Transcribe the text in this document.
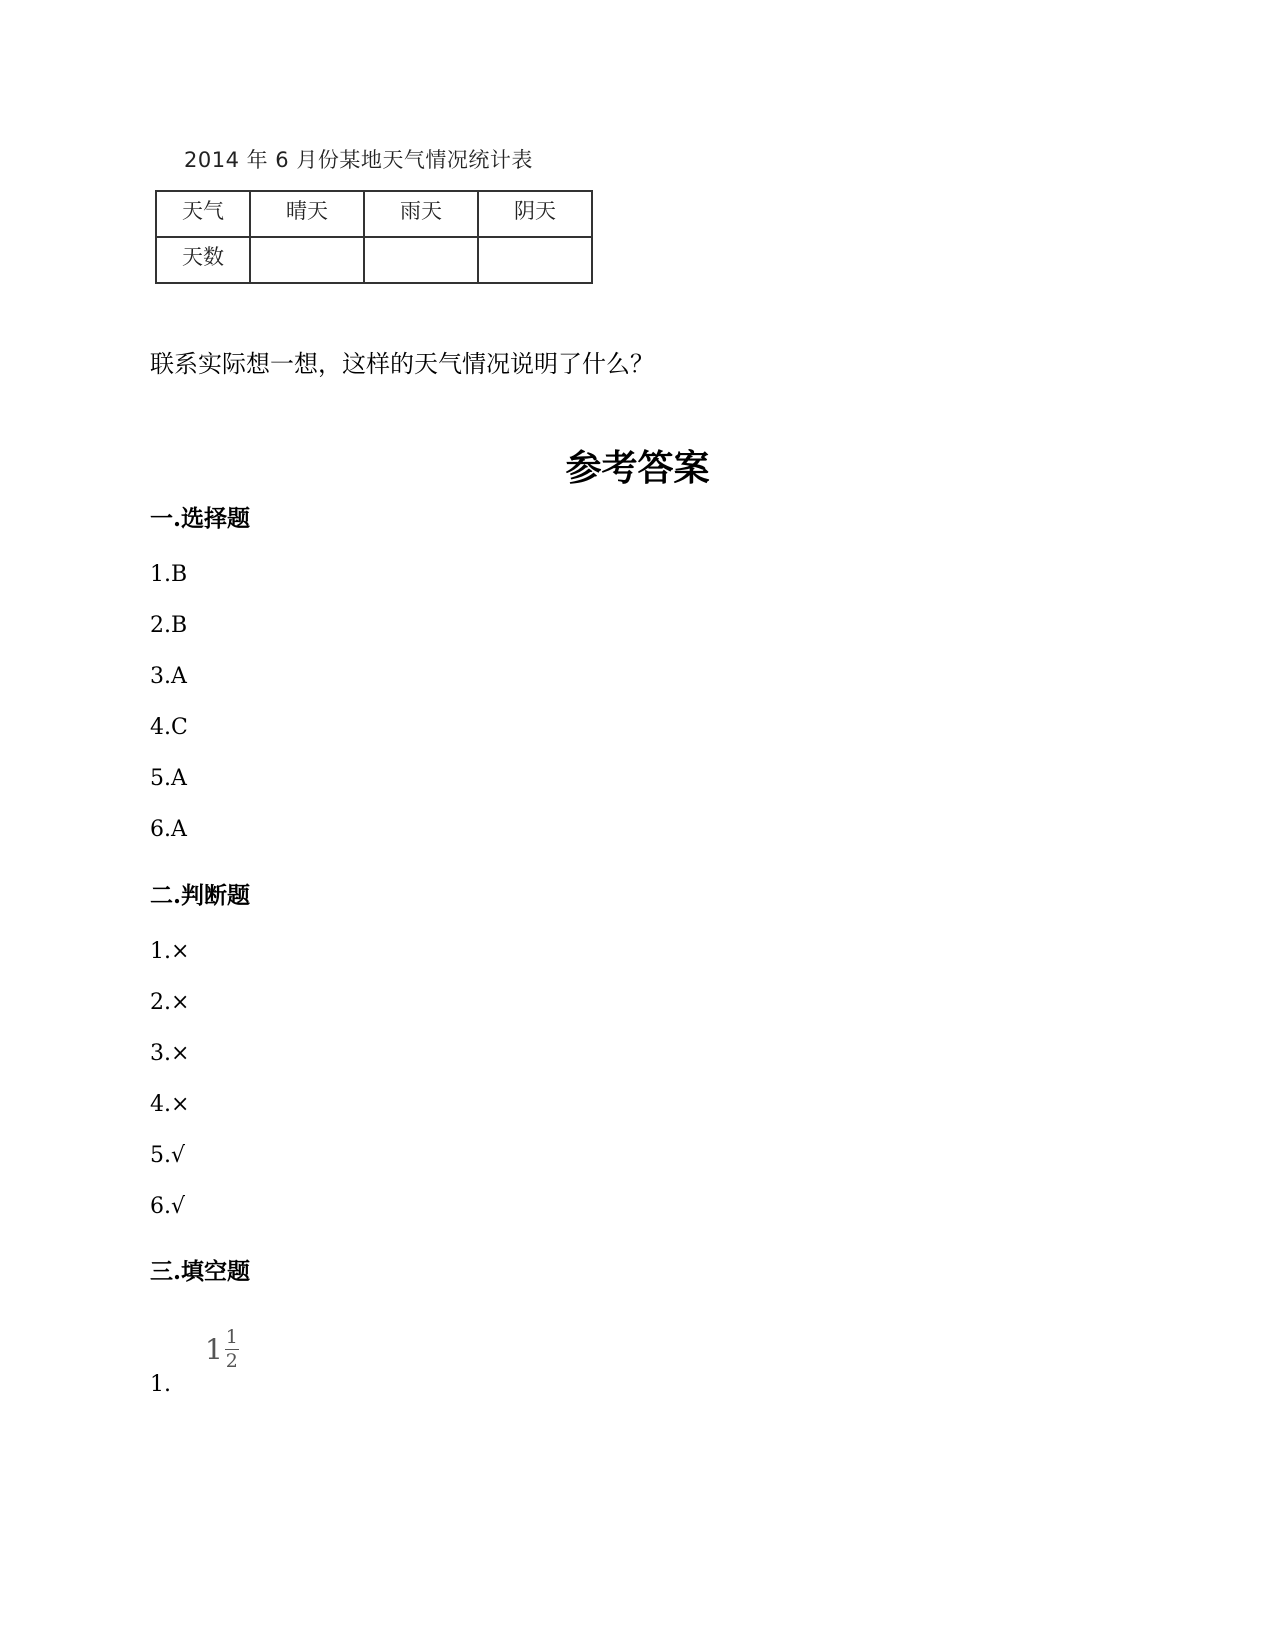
2014 年 6 月份某地天气情况统计表
天气	晴天	雨天	阴天

天数			

联系实际想一想，这样的天气情况说明了什么？
参考答案
一.选择题
1.B
2.B
3.A
4.C
5.A
6.A
二.判断题
1.×
2.×
3.×
4.×
5.√
6.√
三.填空题
1.
$1 \frac{1}{2}$
